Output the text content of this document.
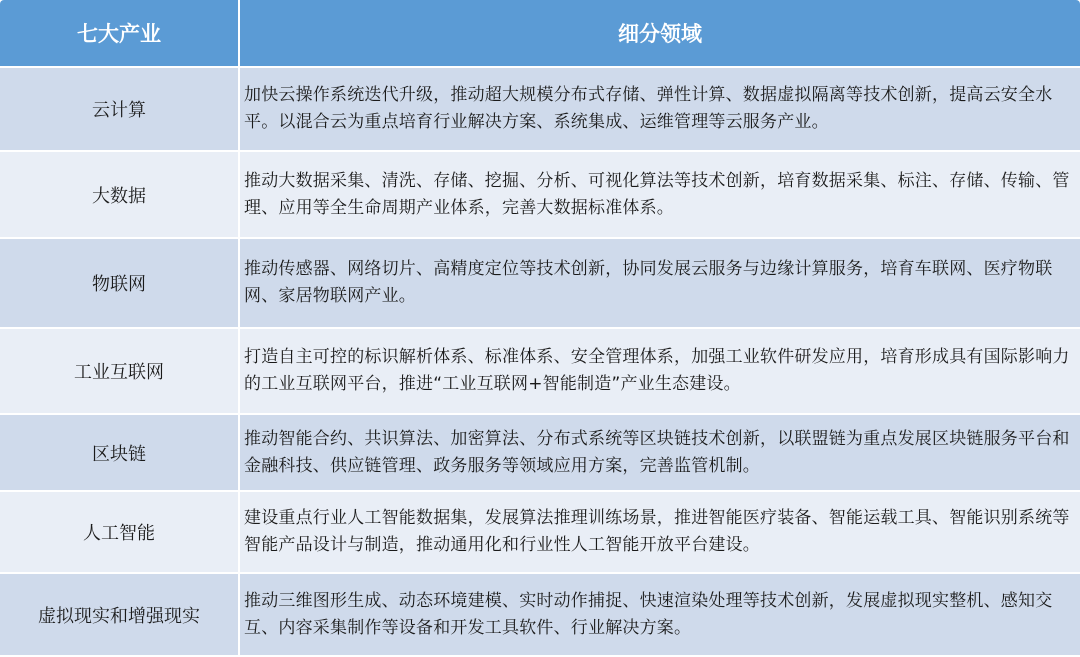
七大产业	细分领域
云计算
加快云操作系统迭代升级，推动超大规模分布式存储、弹性计算、数据虚拟隔离等技术创新，提高云安全水平。以混合云为重点培育行业解决方案、系统集成、运维管理等云服务产业。
大数据
推动大数据采集、清洗、存储、挖掘、分析、可视化算法等技术创新，培育数据采集、标注、存储、传输、管理、应用等全生命周期产业体系，完善大数据标准体系。
物联网
推动传感器、网络切片、高精度定位等技术创新，协同发展云服务与边缘计算服务，培育车联网、医疗物联网、家居物联网产业。
工业互联网
打造自主可控的标识解析体系、标准体系、安全管理体系，加强工业软件研发应用，培育形成具有国际影响力的工业互联网平台，推进“工业互联网+智能制造”产业生态建设。
区块链
推动智能合约、共识算法、加密算法、分布式系统等区块链技术创新，以联盟链为重点发展区块链服务平台和金融科技、供应链管理、政务服务等领域应用方案，完善监管机制。
人工智能
建设重点行业人工智能数据集，发展算法推理训练场景，推进智能医疗装备、智能运载工具、智能识别系统等智能产品设计与制造，推动通用化和行业性人工智能开放平台建设。
虚拟现实和增强现实
推动三维图形生成、动态环境建模、实时动作捕捉、快速渲染处理等技术创新，发展虚拟现实整机、感知交互、内容采集制作等设备和开发工具软件、行业解决方案。
